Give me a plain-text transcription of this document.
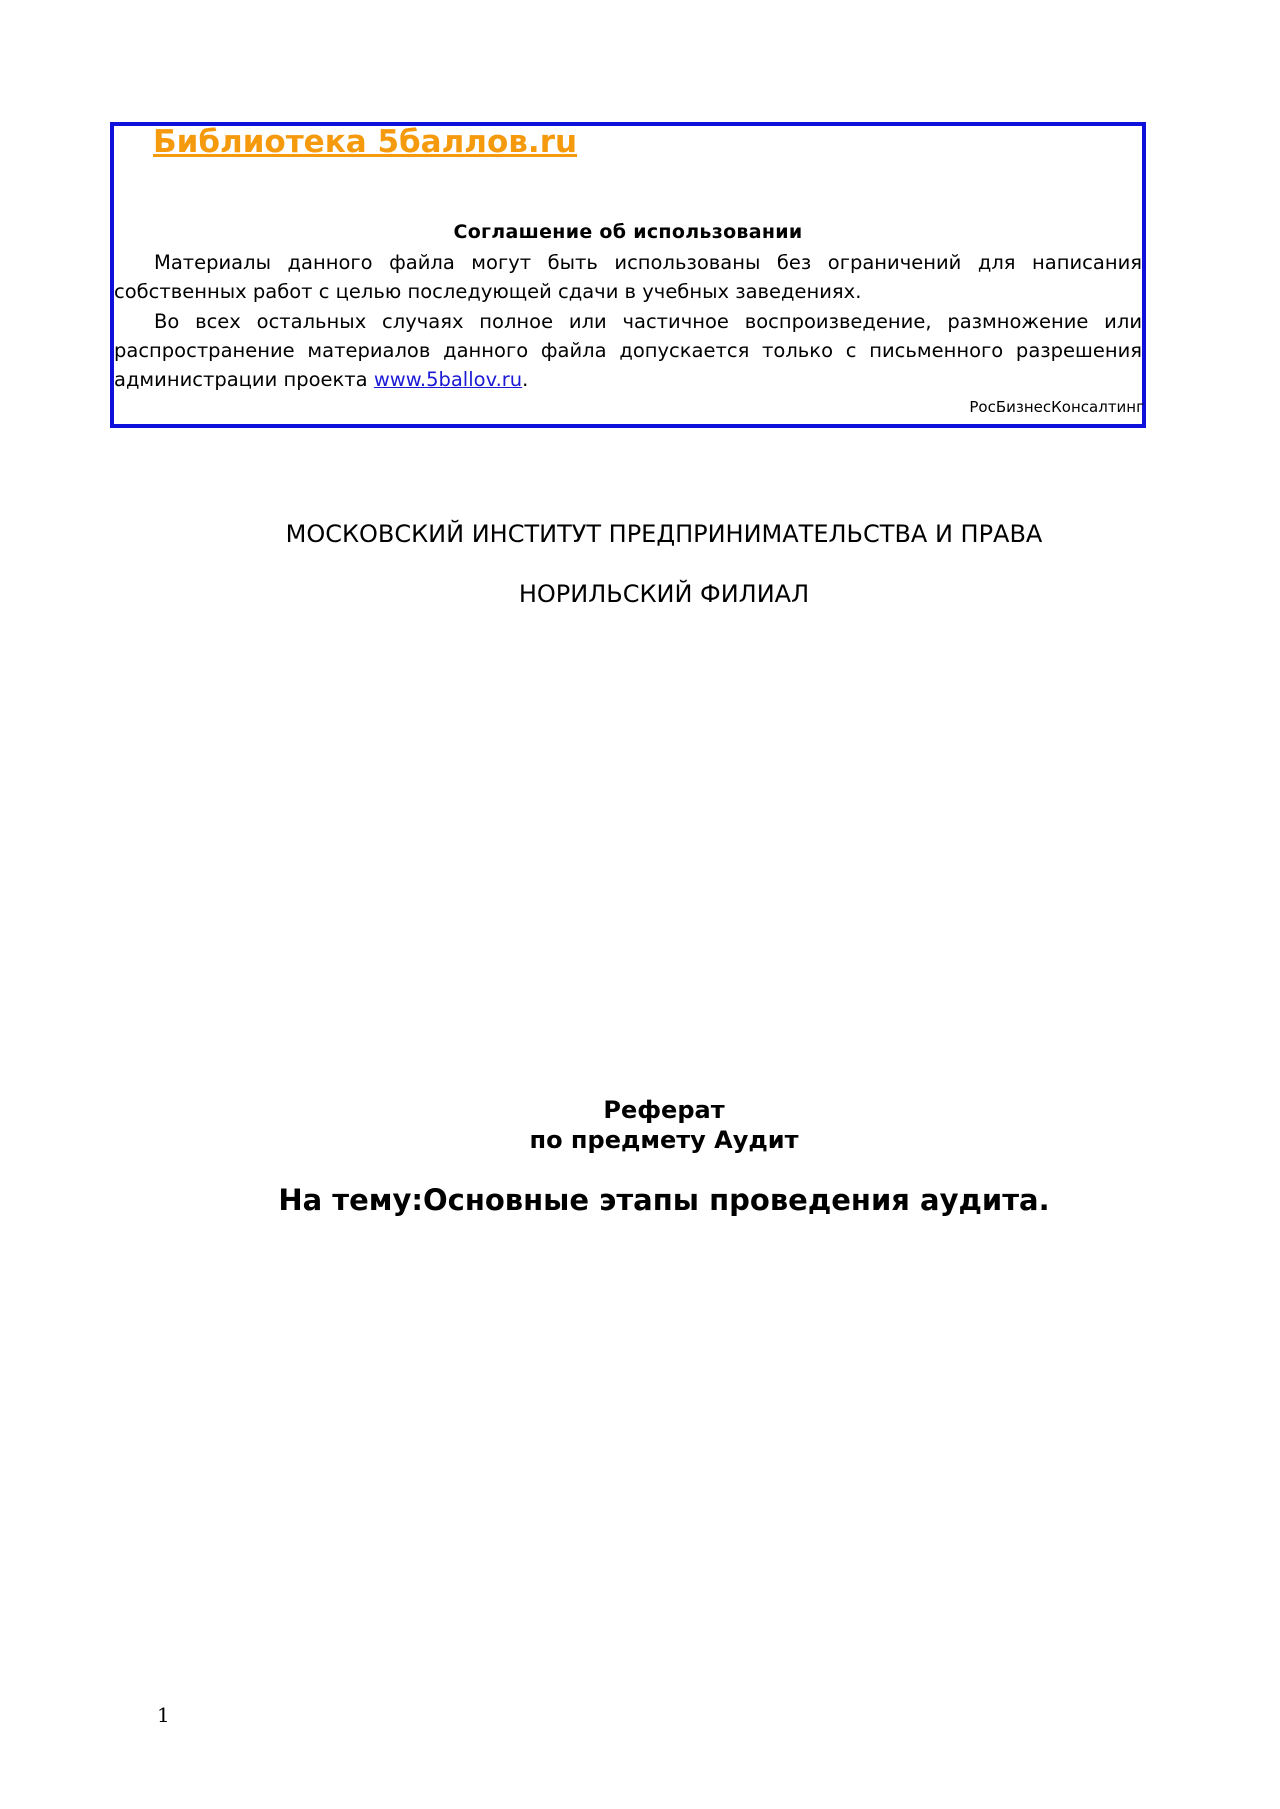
Библиотека 5баллов.ru
Соглашение об использовании
Материалы данного файла могут быть использованы без ограничений для написания собственных работ с целью последующей сдачи в учебных заведениях.
Во всех остальных случаях полное или частичное воспроизведение, размножение или распространение материалов данного файла допускается только с письменного разрешения администрации проекта www.5ballov.ru.
РосБизнесКонсалтинг
МОСКОВСКИЙ ИНСТИТУТ ПРЕДПРИНИМАТЕЛЬСТВА И ПРАВА
НОРИЛЬСКИЙ ФИЛИАЛ
Реферат
по предмету Аудит
На тему:Основные этапы проведения аудита.
1
